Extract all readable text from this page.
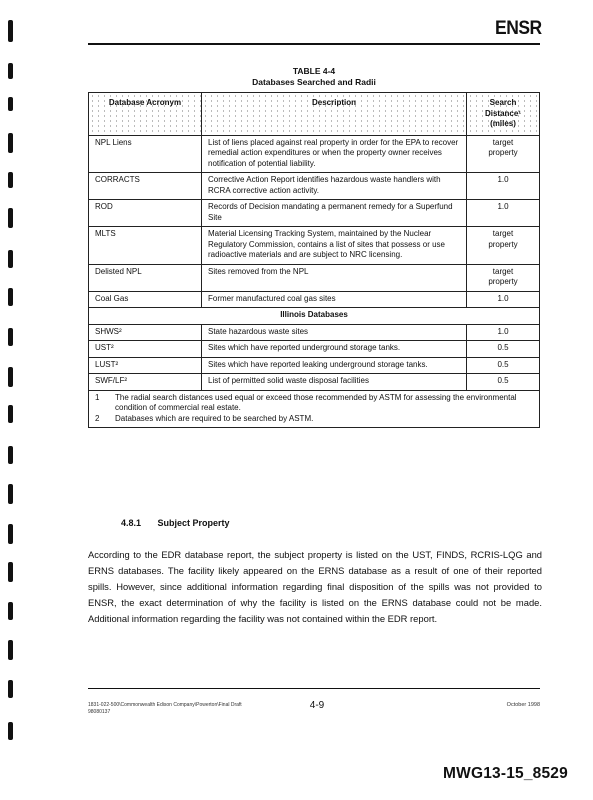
ENSR
TABLE 4-4
Databases Searched and Radii
Database Acronym	Description	Search
Distance¹
(miles)

NPL Liens	List of liens placed against real property in order for the EPA to recover remedial action expenditures or when the property owner receives notification of potential liability.	target
property

CORRACTS	Corrective Action Report identifies hazardous waste handlers with RCRA corrective action activity.	1.0

ROD	Records of Decision mandating a permanent remedy for a Superfund Site	1.0

MLTS	Material Licensing Tracking System, maintained by the Nuclear Regulatory Commission, contains a list of sites that possess or use radioactive materials and are subject to NRC licensing.	target
property

Delisted NPL	Sites removed from the NPL	target
property

Coal Gas	Former manufactured coal gas sites	1.0

Illinois Databases		
SHWS²	State hazardous waste sites	1.0

UST²	Sites which have reported underground storage tanks.	0.5

LUST²	Sites which have reported leaking underground storage tanks.	0.5

SWF/LF²	List of permitted solid waste disposal facilities	0.5

1 The radial search distances used equal or exceed those recommended by ASTM for assessing the environmental condition of commercial real estate.
2 Databases which are required to be searched by ASTM.		
4.8.1 Subject Property
According to the EDR database report, the subject property is listed on the UST, FINDS, RCRIS-LQG and ERNS databases. The facility likely appeared on the ERNS database as a result of one of their reported spills. However, since additional information regarding final disposition of the spills was not provided to ENSR, the exact determination of why the facility is listed on the ERNS database could not be made. Additional information regarding the facility was not contained within the EDR report.
1831-022-500\Commonwealth Edison Company\Powerton\Final Draft
98080137
4-9	October 1998
MWG13-15_8529
